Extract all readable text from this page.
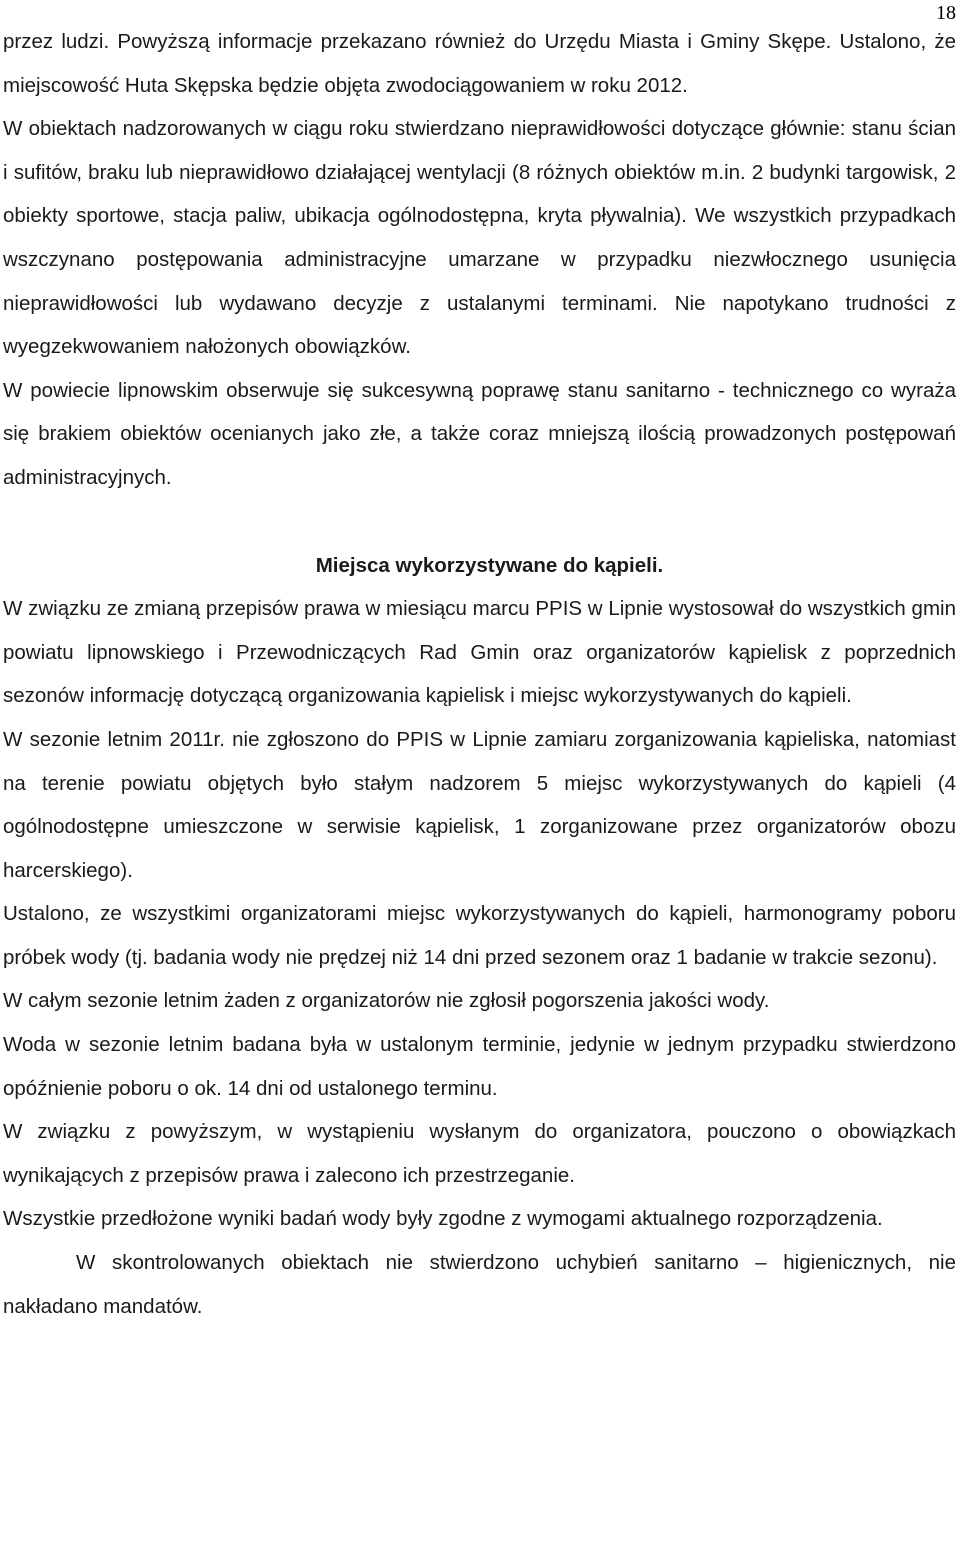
18

przez ludzi. Powyższą informacje przekazano również do Urzędu Miasta i Gminy Skępe. Ustalono, że miejscowość Huta Skępska będzie objęta zwodociągowaniem w roku 2012.

W obiektach nadzorowanych w ciągu roku stwierdzano nieprawidłowości dotyczące głównie: stanu ścian i sufitów, braku lub nieprawidłowo działającej wentylacji (8 różnych obiektów m.in. 2 budynki targowisk, 2 obiekty sportowe, stacja paliw, ubikacja ogólnodostępna, kryta pływalnia). We wszystkich przypadkach wszczynano postępowania administracyjne umarzane w przypadku niezwłocznego usunięcia nieprawidłowości lub wydawano decyzje z ustalanymi terminami. Nie napotykano trudności z wyegzekwowaniem nałożonych obowiązków.

W powiecie lipnowskim obserwuje się sukcesywną poprawę stanu sanitarno - technicznego co wyraża się brakiem obiektów ocenianych jako złe, a także coraz mniejszą ilością prowadzonych postępowań administracyjnych.

Miejsca wykorzystywane do kąpieli.

W związku ze zmianą przepisów prawa w miesiącu marcu PPIS w Lipnie wystosował do wszystkich gmin powiatu lipnowskiego i Przewodniczących Rad Gmin oraz organizatorów kąpielisk z poprzednich sezonów informację dotyczącą organizowania kąpielisk i miejsc wykorzystywanych do kąpieli.

W sezonie letnim 2011r. nie zgłoszono do PPIS w Lipnie zamiaru zorganizowania kąpieliska, natomiast na terenie powiatu objętych było stałym nadzorem 5 miejsc wykorzystywanych do kąpieli (4 ogólnodostępne umieszczone w serwisie kąpielisk, 1 zorganizowane przez organizatorów obozu harcerskiego).

Ustalono, ze wszystkimi organizatorami miejsc wykorzystywanych do kąpieli, harmonogramy poboru próbek wody (tj. badania wody nie prędzej niż 14 dni przed sezonem oraz 1 badanie w trakcie sezonu).

W całym sezonie letnim żaden z organizatorów nie zgłosił pogorszenia jakości wody.

Woda w sezonie letnim badana była w ustalonym terminie, jedynie w jednym przypadku stwierdzono opóźnienie poboru o ok. 14 dni od ustalonego terminu.

W związku z powyższym, w wystąpieniu wysłanym do organizatora, pouczono o obowiązkach wynikających z przepisów prawa i zalecono ich przestrzeganie.

Wszystkie przedłożone wyniki badań wody były zgodne z wymogami aktualnego rozporządzenia.

W skontrolowanych obiektach nie stwierdzono uchybień sanitarno – higienicznych, nie nakładano mandatów.
